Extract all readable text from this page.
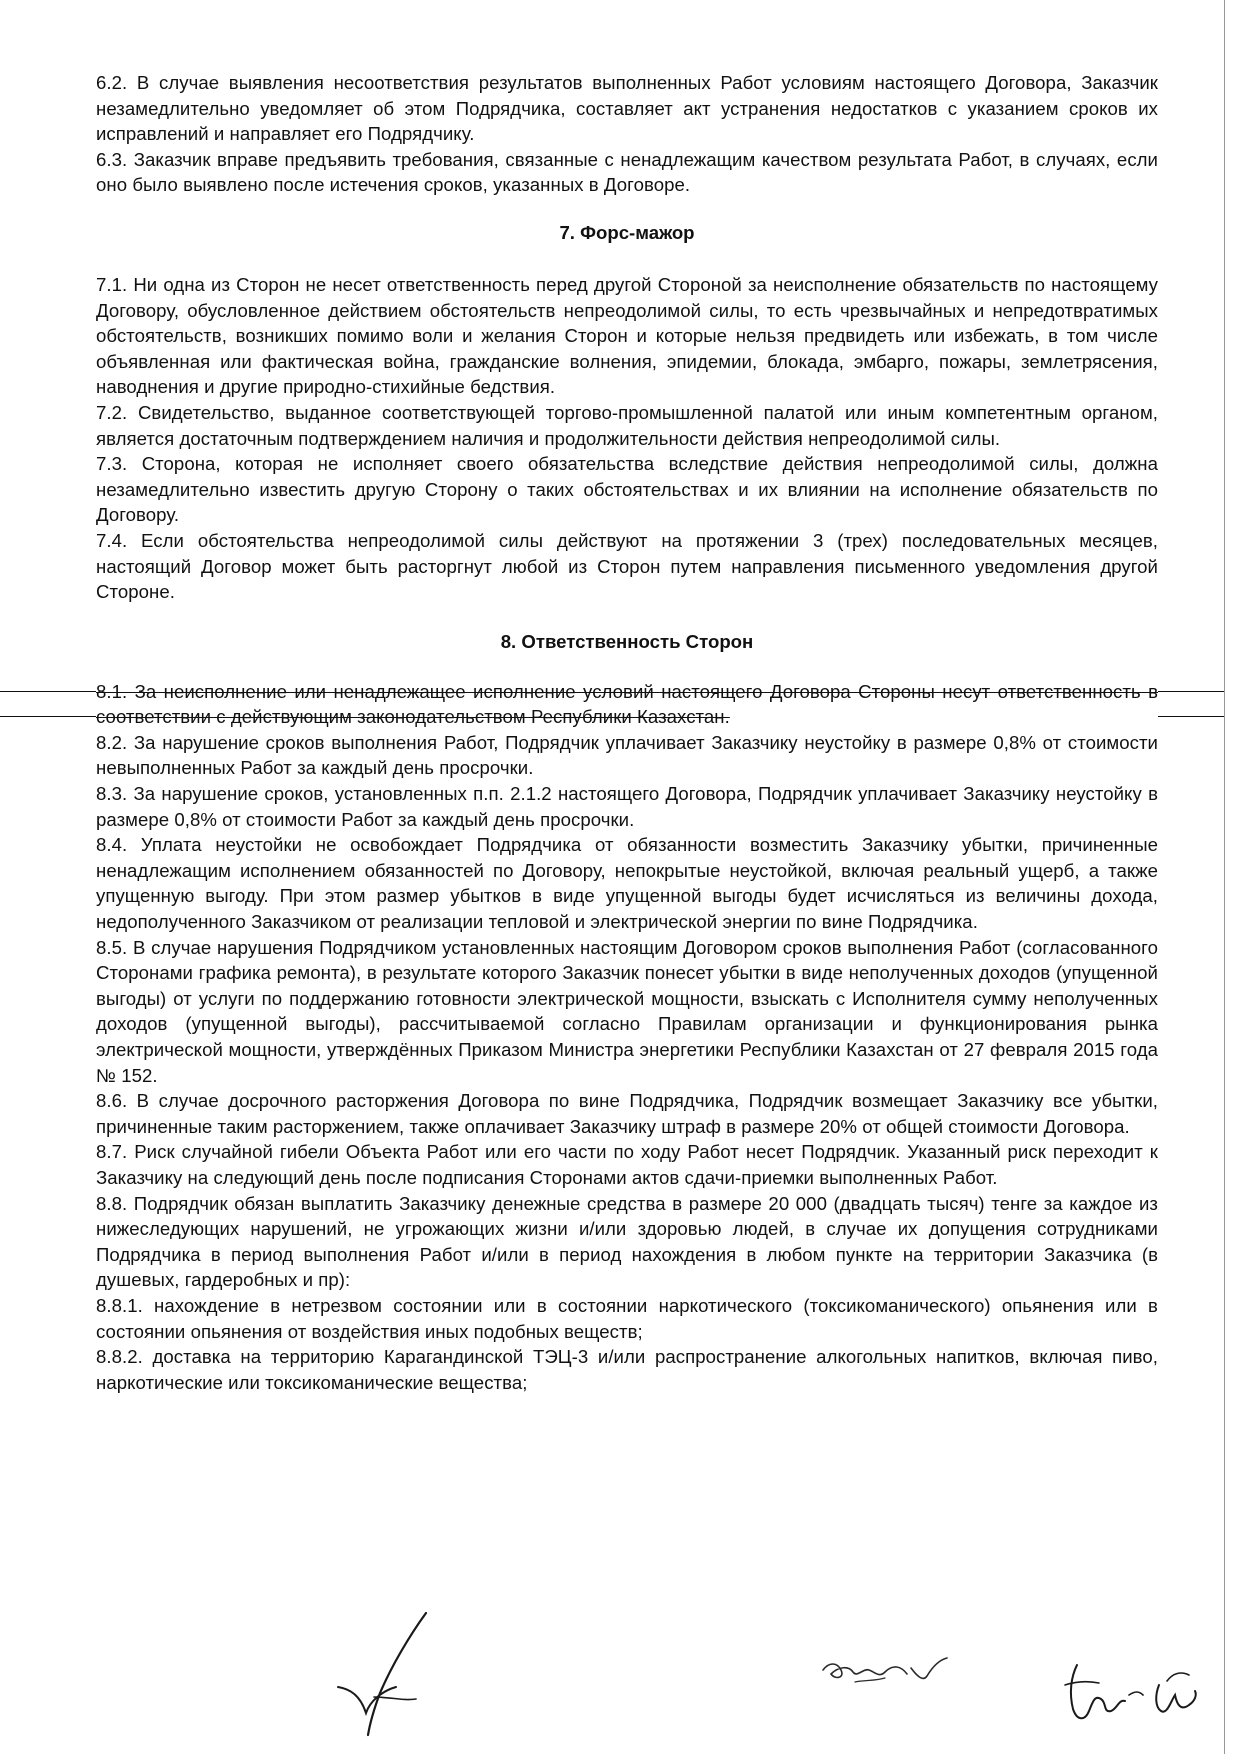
6.2. В случае выявления несоответствия результатов выполненных Работ условиям настоящего Договора, Заказчик незамедлительно уведомляет об этом Подрядчика, составляет акт устранения недостатков с указанием сроков их исправлений и направляет его Подрядчику.

6.3. Заказчик вправе предъявить требования, связанные с ненадлежащим качеством результата Работ, в случаях, если оно было выявлено после истечения сроков, указанных в Договоре.

7. Форс-мажор

7.1. Ни одна из Сторон не несет ответственность перед другой Стороной за неисполнение обязательств по настоящему Договору, обусловленное действием обстоятельств непреодолимой силы, то есть чрезвычайных и непредотвратимых обстоятельств, возникших помимо воли и желания Сторон и которые нельзя предвидеть или избежать, в том числе объявленная или фактическая война, гражданские волнения, эпидемии, блокада, эмбарго, пожары, землетрясения, наводнения и другие природно-стихийные бедствия.

7.2. Свидетельство, выданное соответствующей торгово-промышленной палатой или иным компетентным органом, является достаточным подтверждением наличия и продолжительности действия непреодолимой силы.

7.3. Сторона, которая не исполняет своего обязательства вследствие действия непреодолимой силы, должна незамедлительно известить другую Сторону о таких обстоятельствах и их влиянии на исполнение обязательств по Договору.

7.4. Если обстоятельства непреодолимой силы действуют на протяжении 3 (трех) последовательных месяцев, настоящий Договор может быть расторгнут любой из Сторон путем направления письменного уведомления другой Стороне.

8. Ответственность Сторон

8.1. За неисполнение или ненадлежащее исполнение условий настоящего Договора Стороны несут ответственность в соответствии с действующим законодательством Республики Казахстан.

8.2. За нарушение сроков выполнения Работ, Подрядчик уплачивает Заказчику неустойку в размере 0,8% от стоимости невыполненных Работ за каждый день просрочки.

8.3. За нарушение сроков, установленных п.п. 2.1.2 настоящего Договора, Подрядчик уплачивает Заказчику неустойку в размере 0,8% от стоимости Работ за каждый день просрочки.

8.4. Уплата неустойки не освобождает Подрядчика от обязанности возместить Заказчику убытки, причиненные ненадлежащим исполнением обязанностей по Договору, непокрытые неустойкой, включая реальный ущерб, а также упущенную выгоду. При этом размер убытков в виде упущенной выгоды будет исчисляться из величины дохода, недополученного Заказчиком от реализации тепловой и электрической энергии по вине Подрядчика.

8.5. В случае нарушения Подрядчиком установленных настоящим Договором сроков выполнения Работ (согласованного Сторонами графика ремонта), в результате которого Заказчик понесет убытки в виде неполученных доходов (упущенной выгоды) от услуги по поддержанию готовности электрической мощности, взыскать с Исполнителя сумму неполученных доходов (упущенной выгоды), рассчитываемой согласно Правилам организации и функционирования рынка электрической мощности, утверждённых Приказом Министра энергетики Республики Казахстан от 27 февраля 2015 года № 152.

8.6. В случае досрочного расторжения Договора по вине Подрядчика, Подрядчик возмещает Заказчику все убытки, причиненные таким расторжением, также оплачивает Заказчику штраф в размере 20% от общей стоимости Договора.

8.7. Риск случайной гибели Объекта Работ или его части по ходу Работ несет Подрядчик. Указанный риск переходит к Заказчику на следующий день после подписания Сторонами актов сдачи-приемки выполненных Работ.

8.8. Подрядчик обязан выплатить Заказчику денежные средства в размере 20 000 (двадцать тысяч) тенге за каждое из нижеследующих нарушений, не угрожающих жизни и/или здоровью людей, в случае их допущения сотрудниками Подрядчика в период выполнения Работ и/или в период нахождения в любом пункте на территории Заказчика (в душевых, гардеробных и пр):

8.8.1. нахождение в нетрезвом состоянии или в состоянии наркотического (токсикоманического) опьянения или в состоянии опьянения от воздействия иных подобных веществ;

8.8.2. доставка на территорию Карагандинской ТЭЦ-3 и/или распространение алкогольных напитков, включая пиво, наркотические или токсикоманические вещества;
